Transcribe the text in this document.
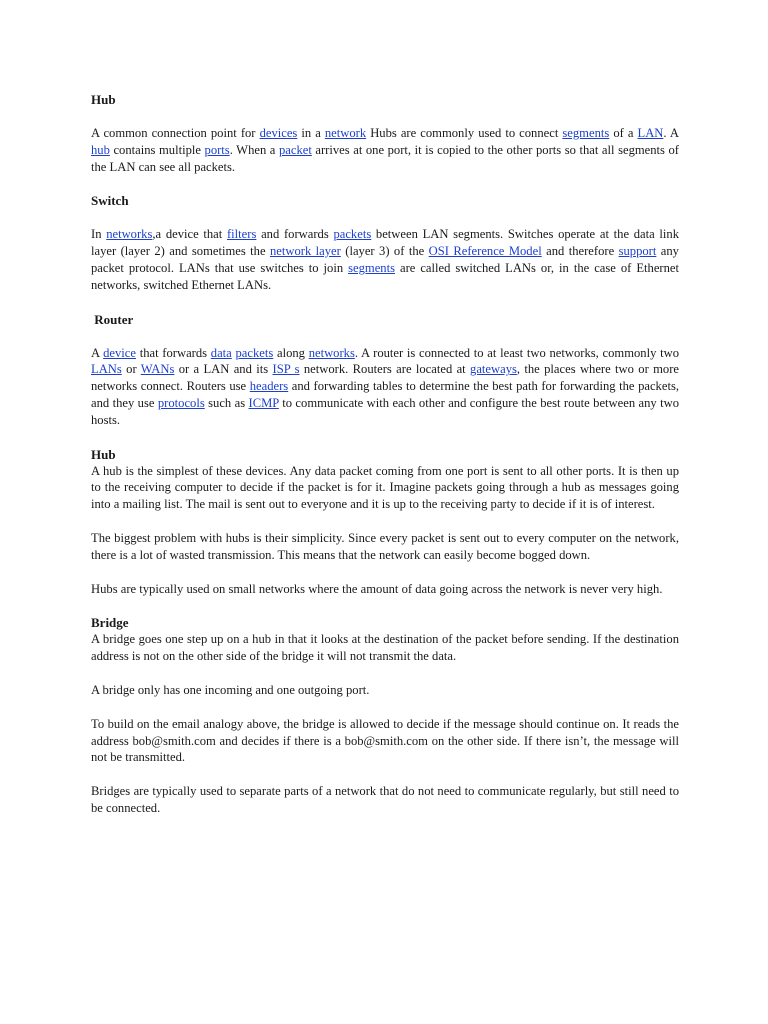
Hub

A common connection point for devices in a network Hubs are commonly used to connect segments of a LAN. A hub contains multiple ports. When a packet arrives at one port, it is copied to the other ports so that all segments of the LAN can see all packets.

Switch

In networks,a device that filters and forwards packets between LAN segments. Switches operate at the data link layer (layer 2) and sometimes the network layer (layer 3) of the OSI Reference Model and therefore support any packet protocol. LANs that use switches to join segments are called switched LANs or, in the case of Ethernet networks, switched Ethernet LANs.

Router

A device that forwards data packets along networks. A router is connected to at least two networks, commonly two LANs or WANs or a LAN and its ISP s network. Routers are located at gateways, the places where two or more networks connect. Routers use headers and forwarding tables to determine the best path for forwarding the packets, and they use protocols such as ICMP to communicate with each other and configure the best route between any two hosts.

Hub

A hub is the simplest of these devices. Any data packet coming from one port is sent to all other ports. It is then up to the receiving computer to decide if the packet is for it. Imagine packets going through a hub as messages going into a mailing list. The mail is sent out to everyone and it is up to the receiving party to decide if it is of interest.

The biggest problem with hubs is their simplicity. Since every packet is sent out to every computer on the network, there is a lot of wasted transmission. This means that the network can easily become bogged down.

Hubs are typically used on small networks where the amount of data going across the network is never very high.

Bridge

A bridge goes one step up on a hub in that it looks at the destination of the packet before sending. If the destination address is not on the other side of the bridge it will not transmit the data.

A bridge only has one incoming and one outgoing port.

To build on the email analogy above, the bridge is allowed to decide if the message should continue on. It reads the address bob@smith.com and decides if there is a bob@smith.com on the other side. If there isn’t, the message will not be transmitted.

Bridges are typically used to separate parts of a network that do not need to communicate regularly, but still need to be connected.
